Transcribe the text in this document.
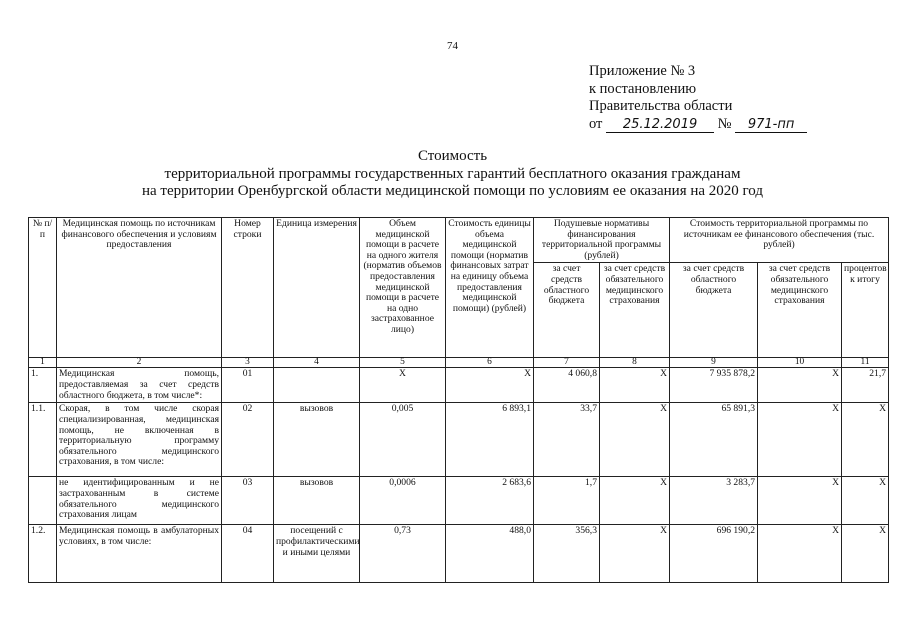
74
Приложение № 3
к постановлению
Правительства области
от 25.12.2019 № 971-пп
Стоимость
территориальной программы государственных гарантий бесплатного оказания гражданам
на территории Оренбургской области медицинской помощи по условиям ее оказания на 2020 год
№ п/п	Медицинская помощь по источникам финансового обеспечения и условиям предоставления	Номер строки	Единица измерения	Объем медицинской помощи в расчете на одного жителя (норматив объемов предоставления медицинской помощи в расчете на одно застрахованное лицо)	Стоимость единицы объема медицинской помощи (норматив финансовых затрат на единицу объема предоставления медицинской помощи) (рублей)	Подушевые нормативы финансирования территориальной программы (рублей)		Стоимость территориальной программы по источникам ее финансового обеспечения (тыс. рублей)		
						за счет средств областного бюджета	за счет средств обязательного медицинского страхования	за счет средств областного бюджета	за счет средств обязательного медицинского страхования	процентов к итогу
1	2	3	4	5	6	7	8	9	10	11
1.	Медицинская помощь, предоставляемая за счет средств областного бюджета, в том числе*:	01		X	X	4 060,8	X	7 935 878,2	X	21,7
1.1.	Скорая, в том числе скорая специализированная, медицинская помощь, не включенная в территориальную программу обязательного медицинского страхования, в том числе:	02	вызовов	0,005	6 893,1	33,7	X	65 891,3	X	X
	не идентифицированным и не застрахованным в системе обязательного медицинского страхования лицам	03	вызовов	0,0006	2 683,6	1,7	X	3 283,7	X	X
1.2.	Медицинская помощь в амбулаторных условиях, в том числе:	04	посещений с профилактическими и иными целями	0,73	488,0	356,3	X	696 190,2	X	X
